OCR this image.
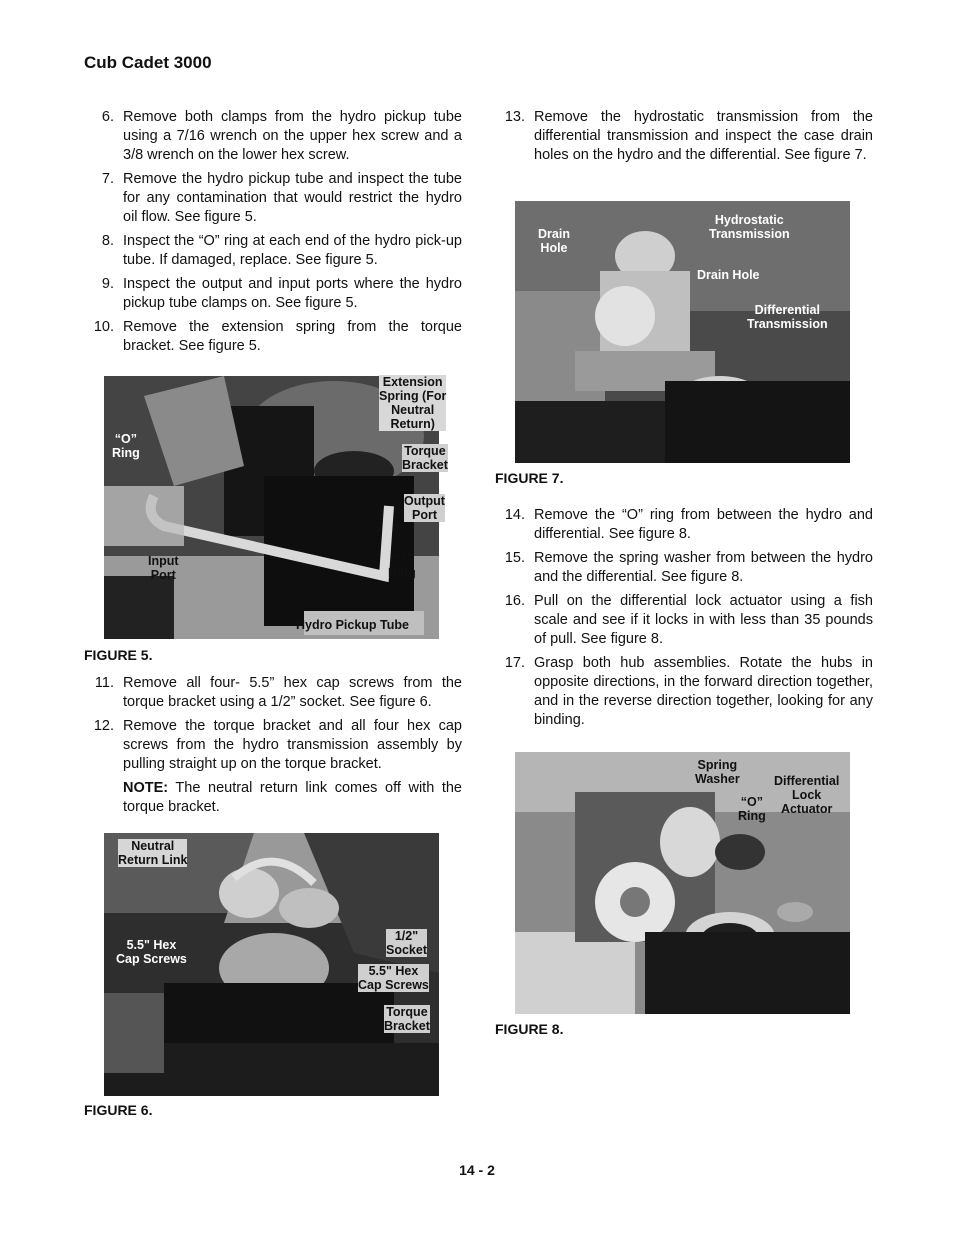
Cub Cadet 3000
6. Remove both clamps from the hydro pickup tube using a 7/16 wrench on the upper hex screw and a 3/8 wrench on the lower hex screw.
7. Remove the hydro pickup tube and inspect the tube for any contamination that would restrict the hydro oil flow. See figure 5.
8. Inspect the “O” ring at each end of the hydro pick-up tube. If damaged, replace. See figure 5.
9. Inspect the output and input ports where the hydro pickup tube clamps on. See figure 5.
10. Remove the extension spring from the torque bracket. See figure 5.
Extension
Spring (For
Neutral
Return)
“O”
Ring	Torque
Bracket
Output
Port
Input
Port
“O”
Ring
Hydro Pickup Tube
FIGURE 5.
11. Remove all four- 5.5” hex cap screws from the torque bracket using a 1/2” socket. See figure 6.
12. Remove the torque bracket and all four hex cap screws from the hydro transmission assembly by pulling straight up on the torque bracket.
NOTE: The neutral return link comes off with the torque bracket.
Neutral
Return Link
1/2"
Socket
5.5" Hex
Cap Screws
5.5" Hex
Cap Screws
Torque
Bracket
FIGURE 6.
13. Remove the hydrostatic transmission from the differential transmission and inspect the case drain holes on the hydro and the differential. See figure 7.
Drain
Hole
Hydrostatic
Transmission
Drain Hole
Differential
Transmission
FIGURE 7.
14. Remove the “O” ring from between the hydro and differential. See figure 8.
15. Remove the spring washer from between the hydro and the differential. See figure 8.
16. Pull on the differential lock actuator using a fish scale and see if it locks in with less than 35 pounds of pull. See figure 8.
17. Grasp both hub assemblies. Rotate the hubs in opposite directions, in the forward direction together, and in the reverse direction together, looking for any binding.
Spring
Washer
“O”
Ring
Differential
Lock
Actuator
FIGURE 8.
14 - 2
